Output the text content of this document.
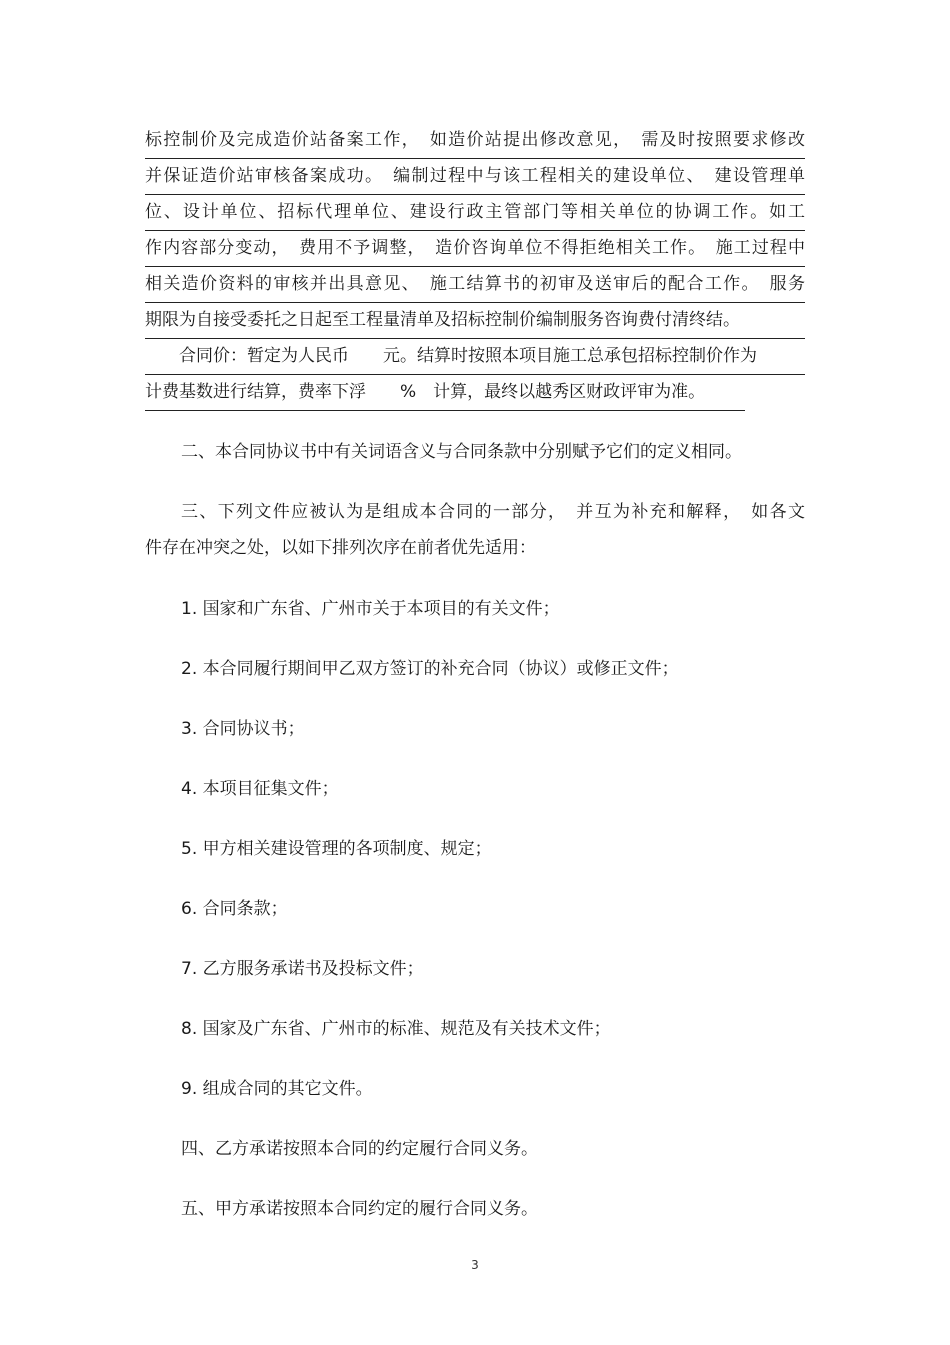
标控制价及完成造价站备案工作，　如造价站提出修改意见，　需及时按照要求修改
并保证造价站审核备案成功。　编制过程中与该工程相关的建设单位、　建设管理单
位、设计单位、招标代理单位、建设行政主管部门等相关单位的协调工作。如工
作内容部分变动，　费用不予调整，　造价咨询单位不得拒绝相关工作。　施工过程中
相关造价资料的审核并出具意见、　施工结算书的初审及送审后的配合工作。　服务
期限为自接受委托之日起至工程量清单及招标控制价编制服务咨询费付清终结。
　　合同价：暂定为人民币　　元。结算时按照本项目施工总承包招标控制价作为
计费基数进行结算，费率下浮　　%　计算，最终以越秀区财政评审为准。
二、本合同协议书中有关词语含义与合同条款中分别赋予它们的定义相同。
三、下列文件应被认为是组成本合同的一部分，　并互为补充和解释，　如各文
件存在冲突之处，以如下排列次序在前者优先适用：
1. 国家和广东省、广州市关于本项目的有关文件；
2. 本合同履行期间甲乙双方签订的补充合同（协议）或修正文件；
3. 合同协议书；
4. 本项目征集文件；
5. 甲方相关建设管理的各项制度、规定；
6. 合同条款；
7. 乙方服务承诺书及投标文件；
8. 国家及广东省、广州市的标准、规范及有关技术文件；
9. 组成合同的其它文件。
四、乙方承诺按照本合同的约定履行合同义务。
五、甲方承诺按照本合同约定的履行合同义务。
3
